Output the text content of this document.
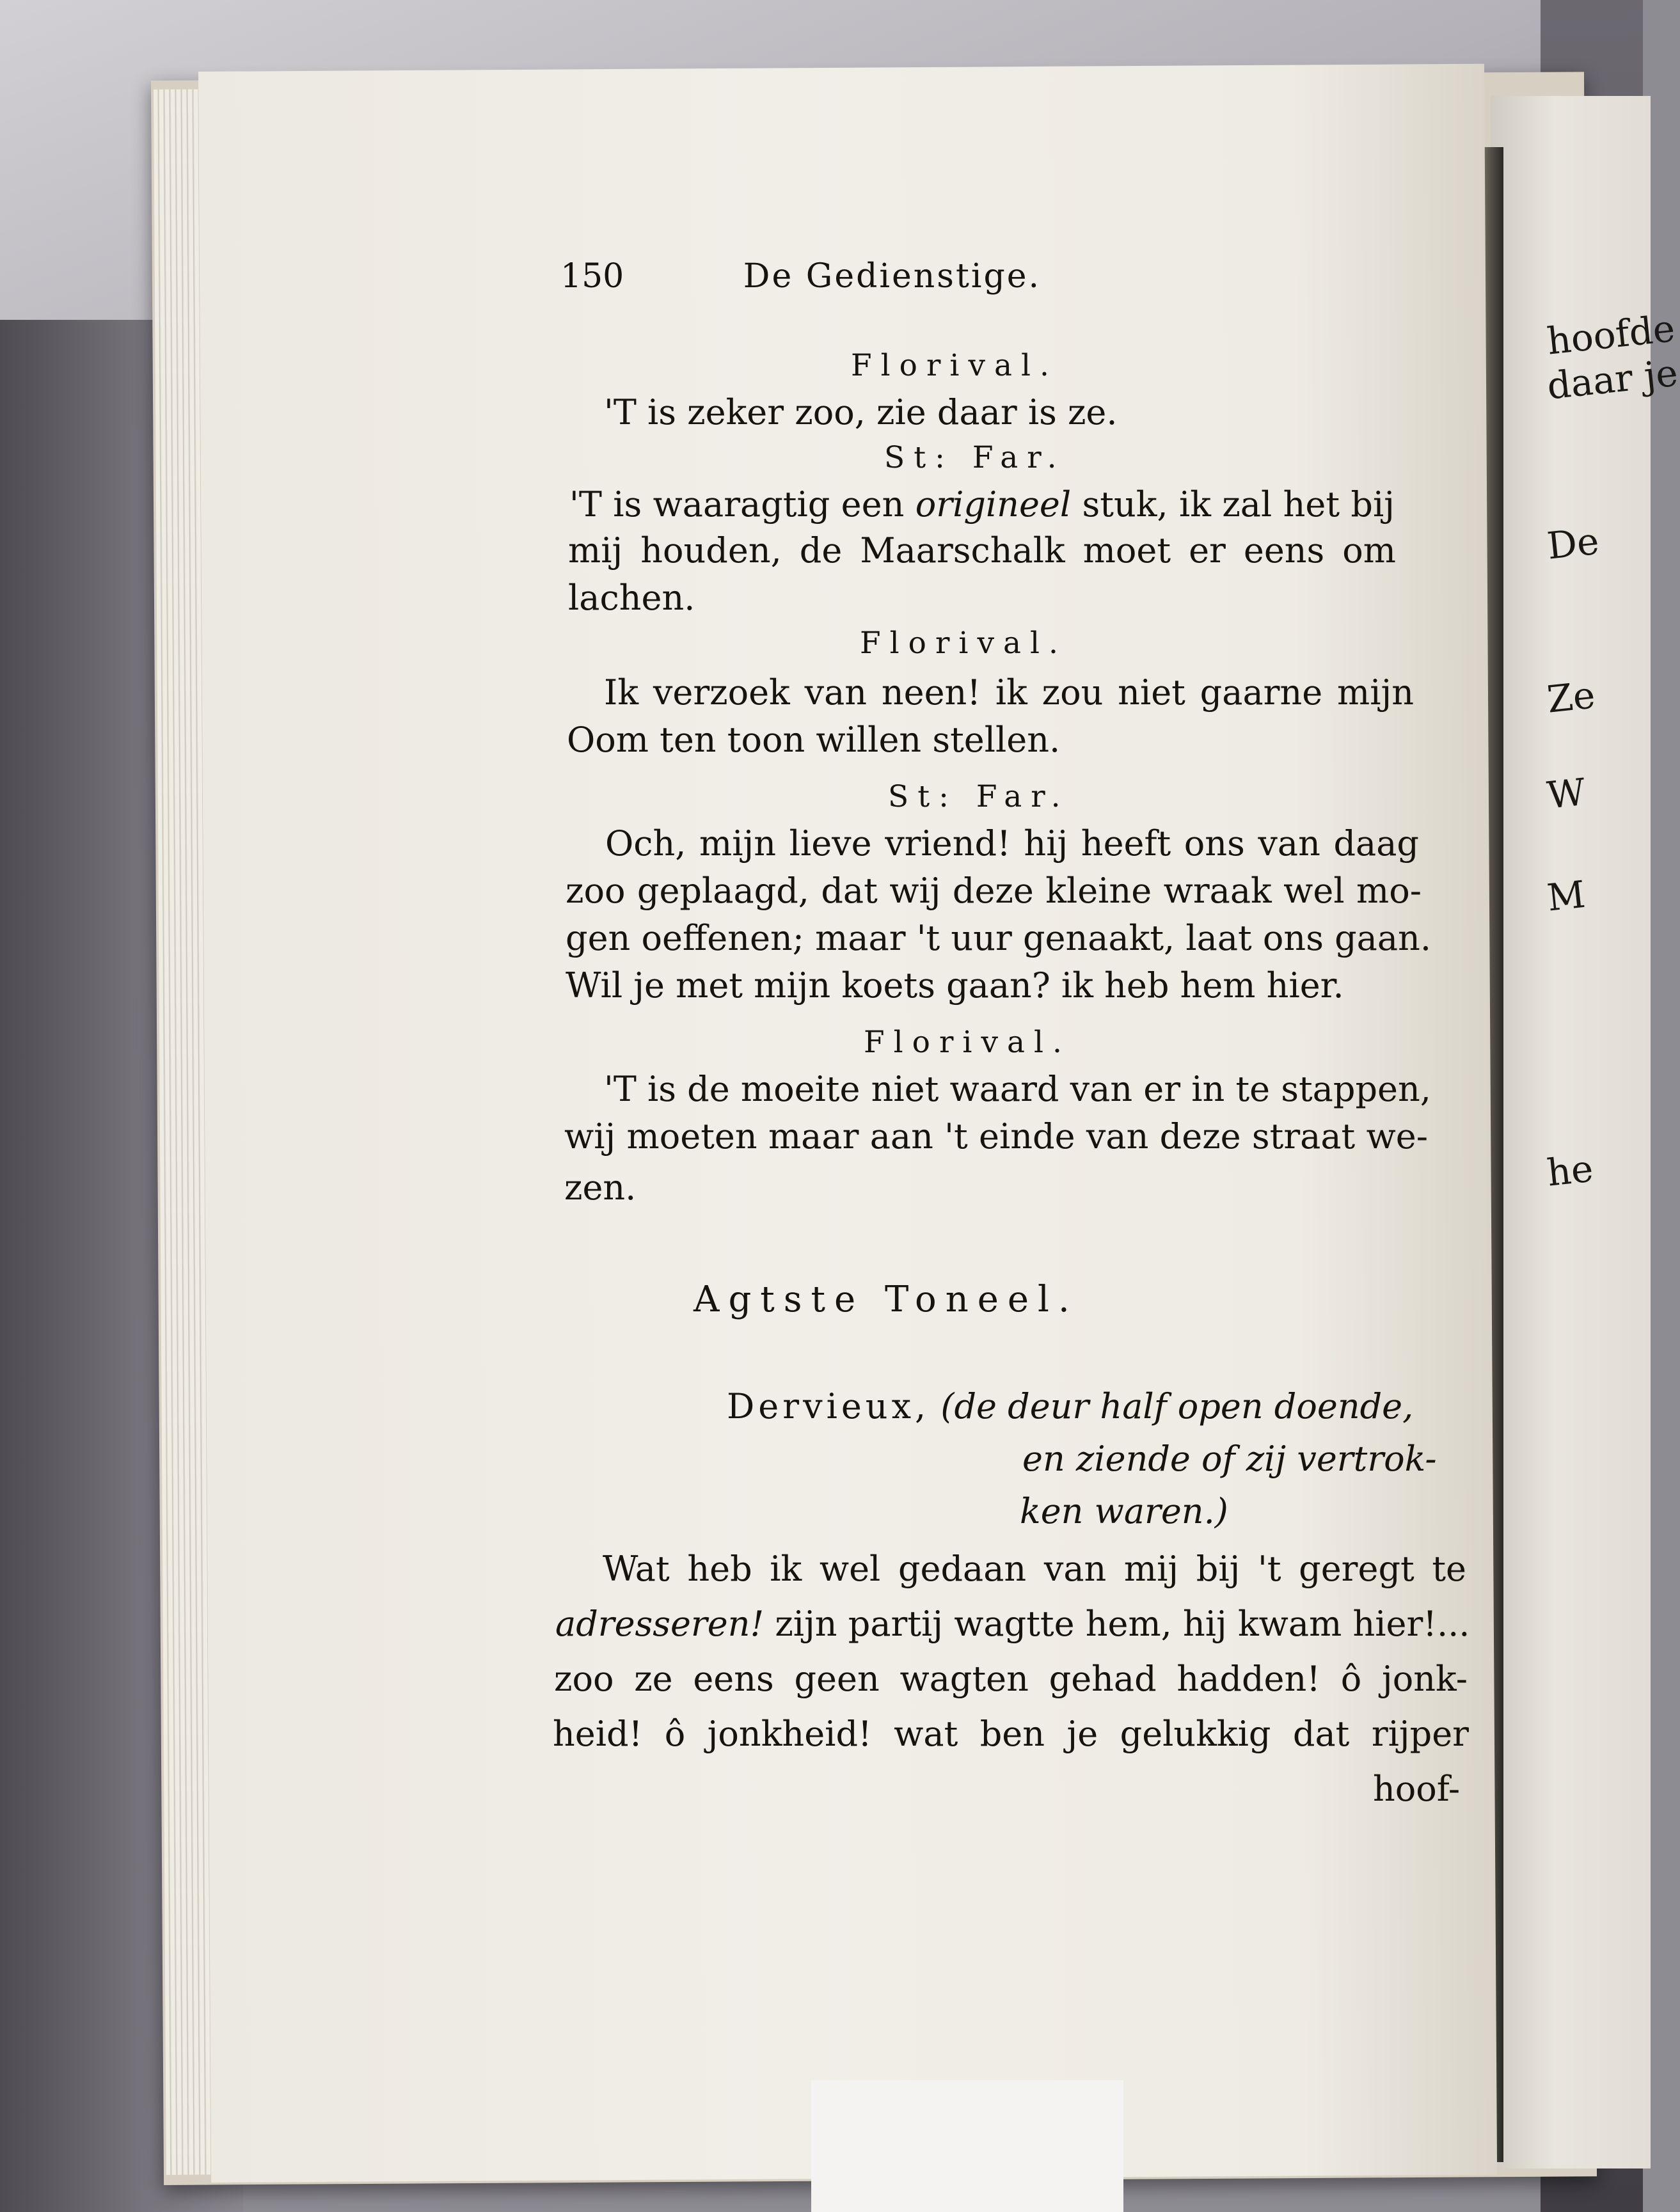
hoofde

daar je

De

Ze

W

M

he

150	De Gedienstige.
Florival.
'T is zeker zoo, zie daar is ze.
St: Far.
'T is waaragtig een origineel stuk, ik zal het bij
mij houden, de Maarschalk moet er eens om
lachen.
Florival.
Ik verzoek van neen! ik zou niet gaarne mijn
Oom ten toon willen stellen.
St: Far.
Och, mijn lieve vriend! hij heeft ons van daag
zoo geplaagd, dat wij deze kleine wraak wel mo-
gen oeffenen; maar 't uur genaakt, laat ons gaan.
Wil je met mijn koets gaan? ik heb hem hier.
Florival.
'T is de moeite niet waard van er in te stappen,
wij moeten maar aan 't einde van deze straat we-
zen.
Agtste Toneel.
Dervieux, (de deur half open doende,
en ziende of zij vertrok-
ken waren.)
Wat heb ik wel gedaan van mij bij 't geregt te
adresseren! zijn partij wagtte hem, hij kwam hier!...
zoo ze eens geen wagten gehad hadden! ô jonk-
heid! ô jonkheid! wat ben je gelukkig dat rijper
hoof-
